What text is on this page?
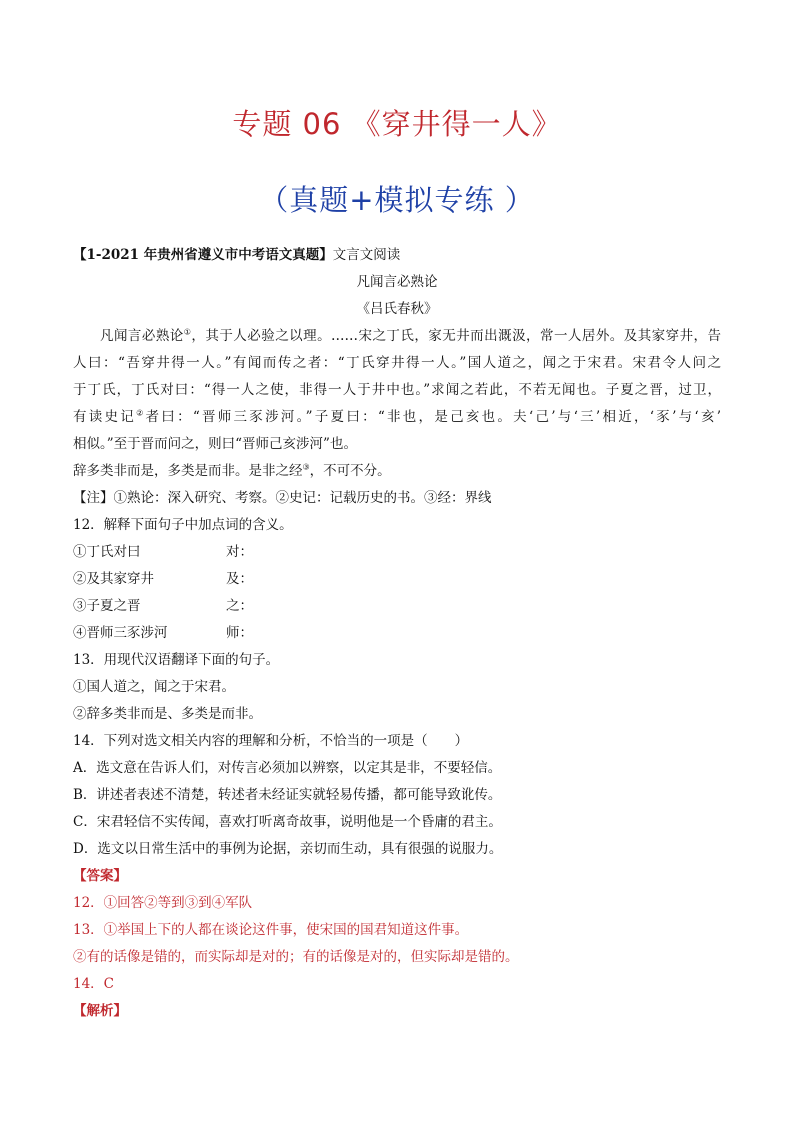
专题 06 《穿井得一人》
（真题+模拟专练 ）
【1-2021 年贵州省遵义市中考语文真题】文言文阅读
凡闻言必熟论
《吕氏春秋》
凡闻言必熟论①，其于人必验之以理。……宋之丁氏，家无井而出溉汲，常一人居外。及其家穿井，告
人曰：“吾穿井得一人。”有闻而传之者：“丁氏穿井得一人。”国人道之，闻之于宋君。宋君令人问之
于丁氏，丁氏对曰：“得一人之使，非得一人于井中也。”求闻之若此，不若无闻也。子夏之晋，过卫，
有读史记②者曰：“晋师三豕涉河。”子夏曰：“非也，是己亥也。夫‘己’与‘三’相近，‘豕’与‘亥’
相似。”至于晋而问之，则曰“晋师己亥涉河”也。
辞多类非而是，多类是而非。是非之经③，不可不分。
【注】①熟论：深入研究、考察。②史记：记载历史的书。③经：界线
12．解释下面句子中加点词的含义。
①丁氏对曰	对：
②及其家穿井	及：
③子夏之晋	之：
④晋师三豕涉河	师：
13．用现代汉语翻译下面的句子。
①国人道之，闻之于宋君。
②辞多类非而是、多类是而非。
14．下列对选文相关内容的理解和分析，不恰当的一项是（　　）
A．选文意在告诉人们，对传言必须加以辨察，以定其是非，不要轻信。
B．讲述者表述不清楚，转述者未经证实就轻易传播，都可能导致讹传。
C．宋君轻信不实传闻，喜欢打听离奇故事，说明他是一个昏庸的君主。
D．选文以日常生活中的事例为论据，亲切而生动，具有很强的说服力。
【答案】
12．①回答②等到③到④军队
13．①举国上下的人都在谈论这件事，使宋国的国君知道这件事。
②有的话像是错的，而实际却是对的；有的话像是对的，但实际却是错的。
14．C
【解析】
